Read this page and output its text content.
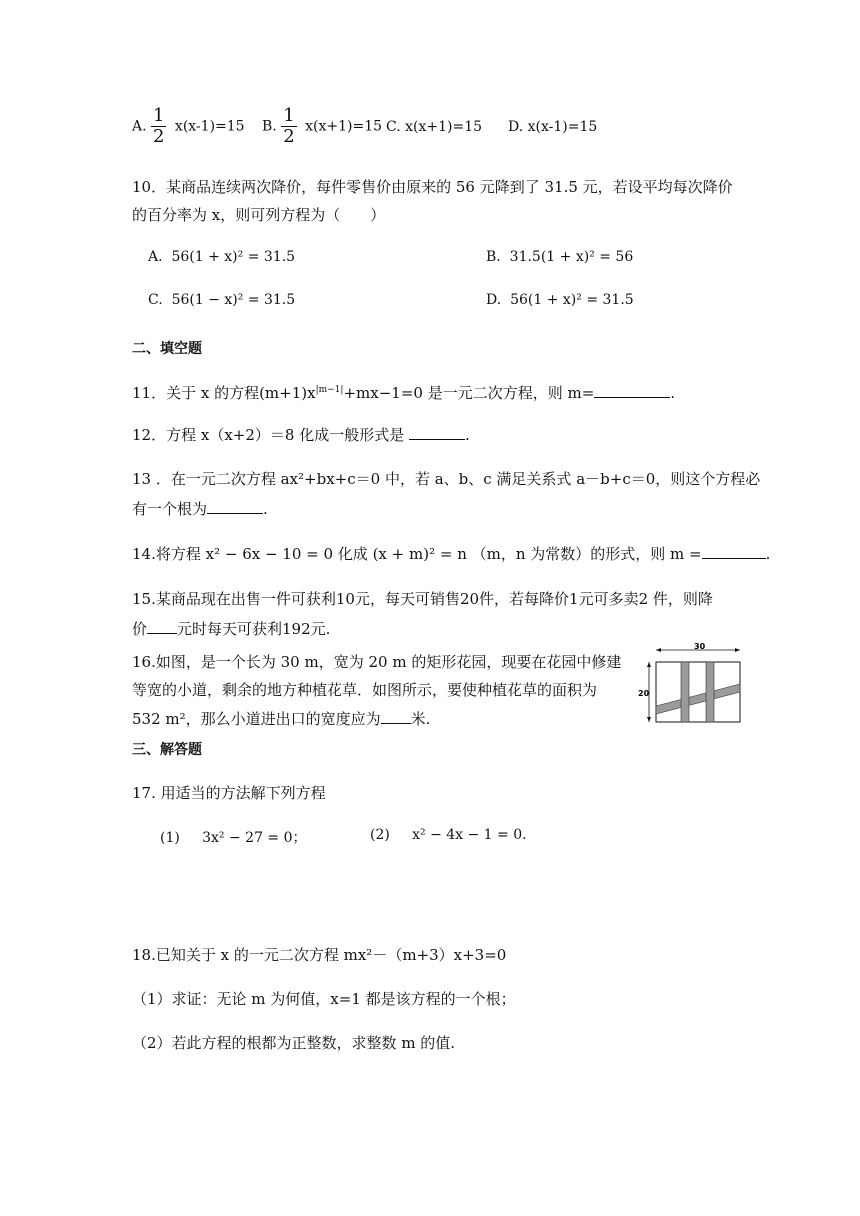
A. $\frac{1}{2} x(x-1)=15$ B. $\frac{1}{2} x(x+1)=15$ C. x(x+1)=15 D. x(x-1)=15
10．某商品连续两次降价，每件零售价由原来的 56 元降到了 31.5 元，若设平均每次降价
的百分率为 x，则可列方程为（　　）
A. 56(1 + x)² = 31.5	B. 31.5(1 + x)² = 56
C. 56(1 − x)² = 31.5	D. 56(1 + x)² = 31.5
二、填空题
11．关于 x 的方程$(m+1)x^{|m-1|}+mx-1=0$ 是一元二次方程，则 m=	.
12．方程 x（x+2）＝8 化成一般形式是	.
13 ．在一元二次方程 ax²+bx+c＝0 中，若 a、b、c 满足关系式 a－b+c＝0，则这个方程必
有一个根为	.
14.将方程 x² − 6x − 10 = 0 化成 (x + m)² = n （m，n 为常数）的形式，则 m =	.
15.某商品现在出售一件可获利10元，每天可销售20件，若每降价1元可多卖2 件，则降
价 元时每天可获利192元.
16.如图，是一个长为 30 m，宽为 20 m 的矩形花园，现要在花园中修建
等宽的小道，剩余的地方种植花草．如图所示，要使种植花草的面积为
532 m²，那么小道进出口的宽度应为 米.
30
20
三、解答题
17. 用适当的方法解下列方程
(1) 3x² − 27 = 0；	(2) x² − 4x − 1 = 0.
18.已知关于 x 的一元二次方程 mx²－（m+3）x+3=0
（1）求证：无论 m 为何值，x=1 都是该方程的一个根；
（2）若此方程的根都为正整数，求整数 m 的值.
